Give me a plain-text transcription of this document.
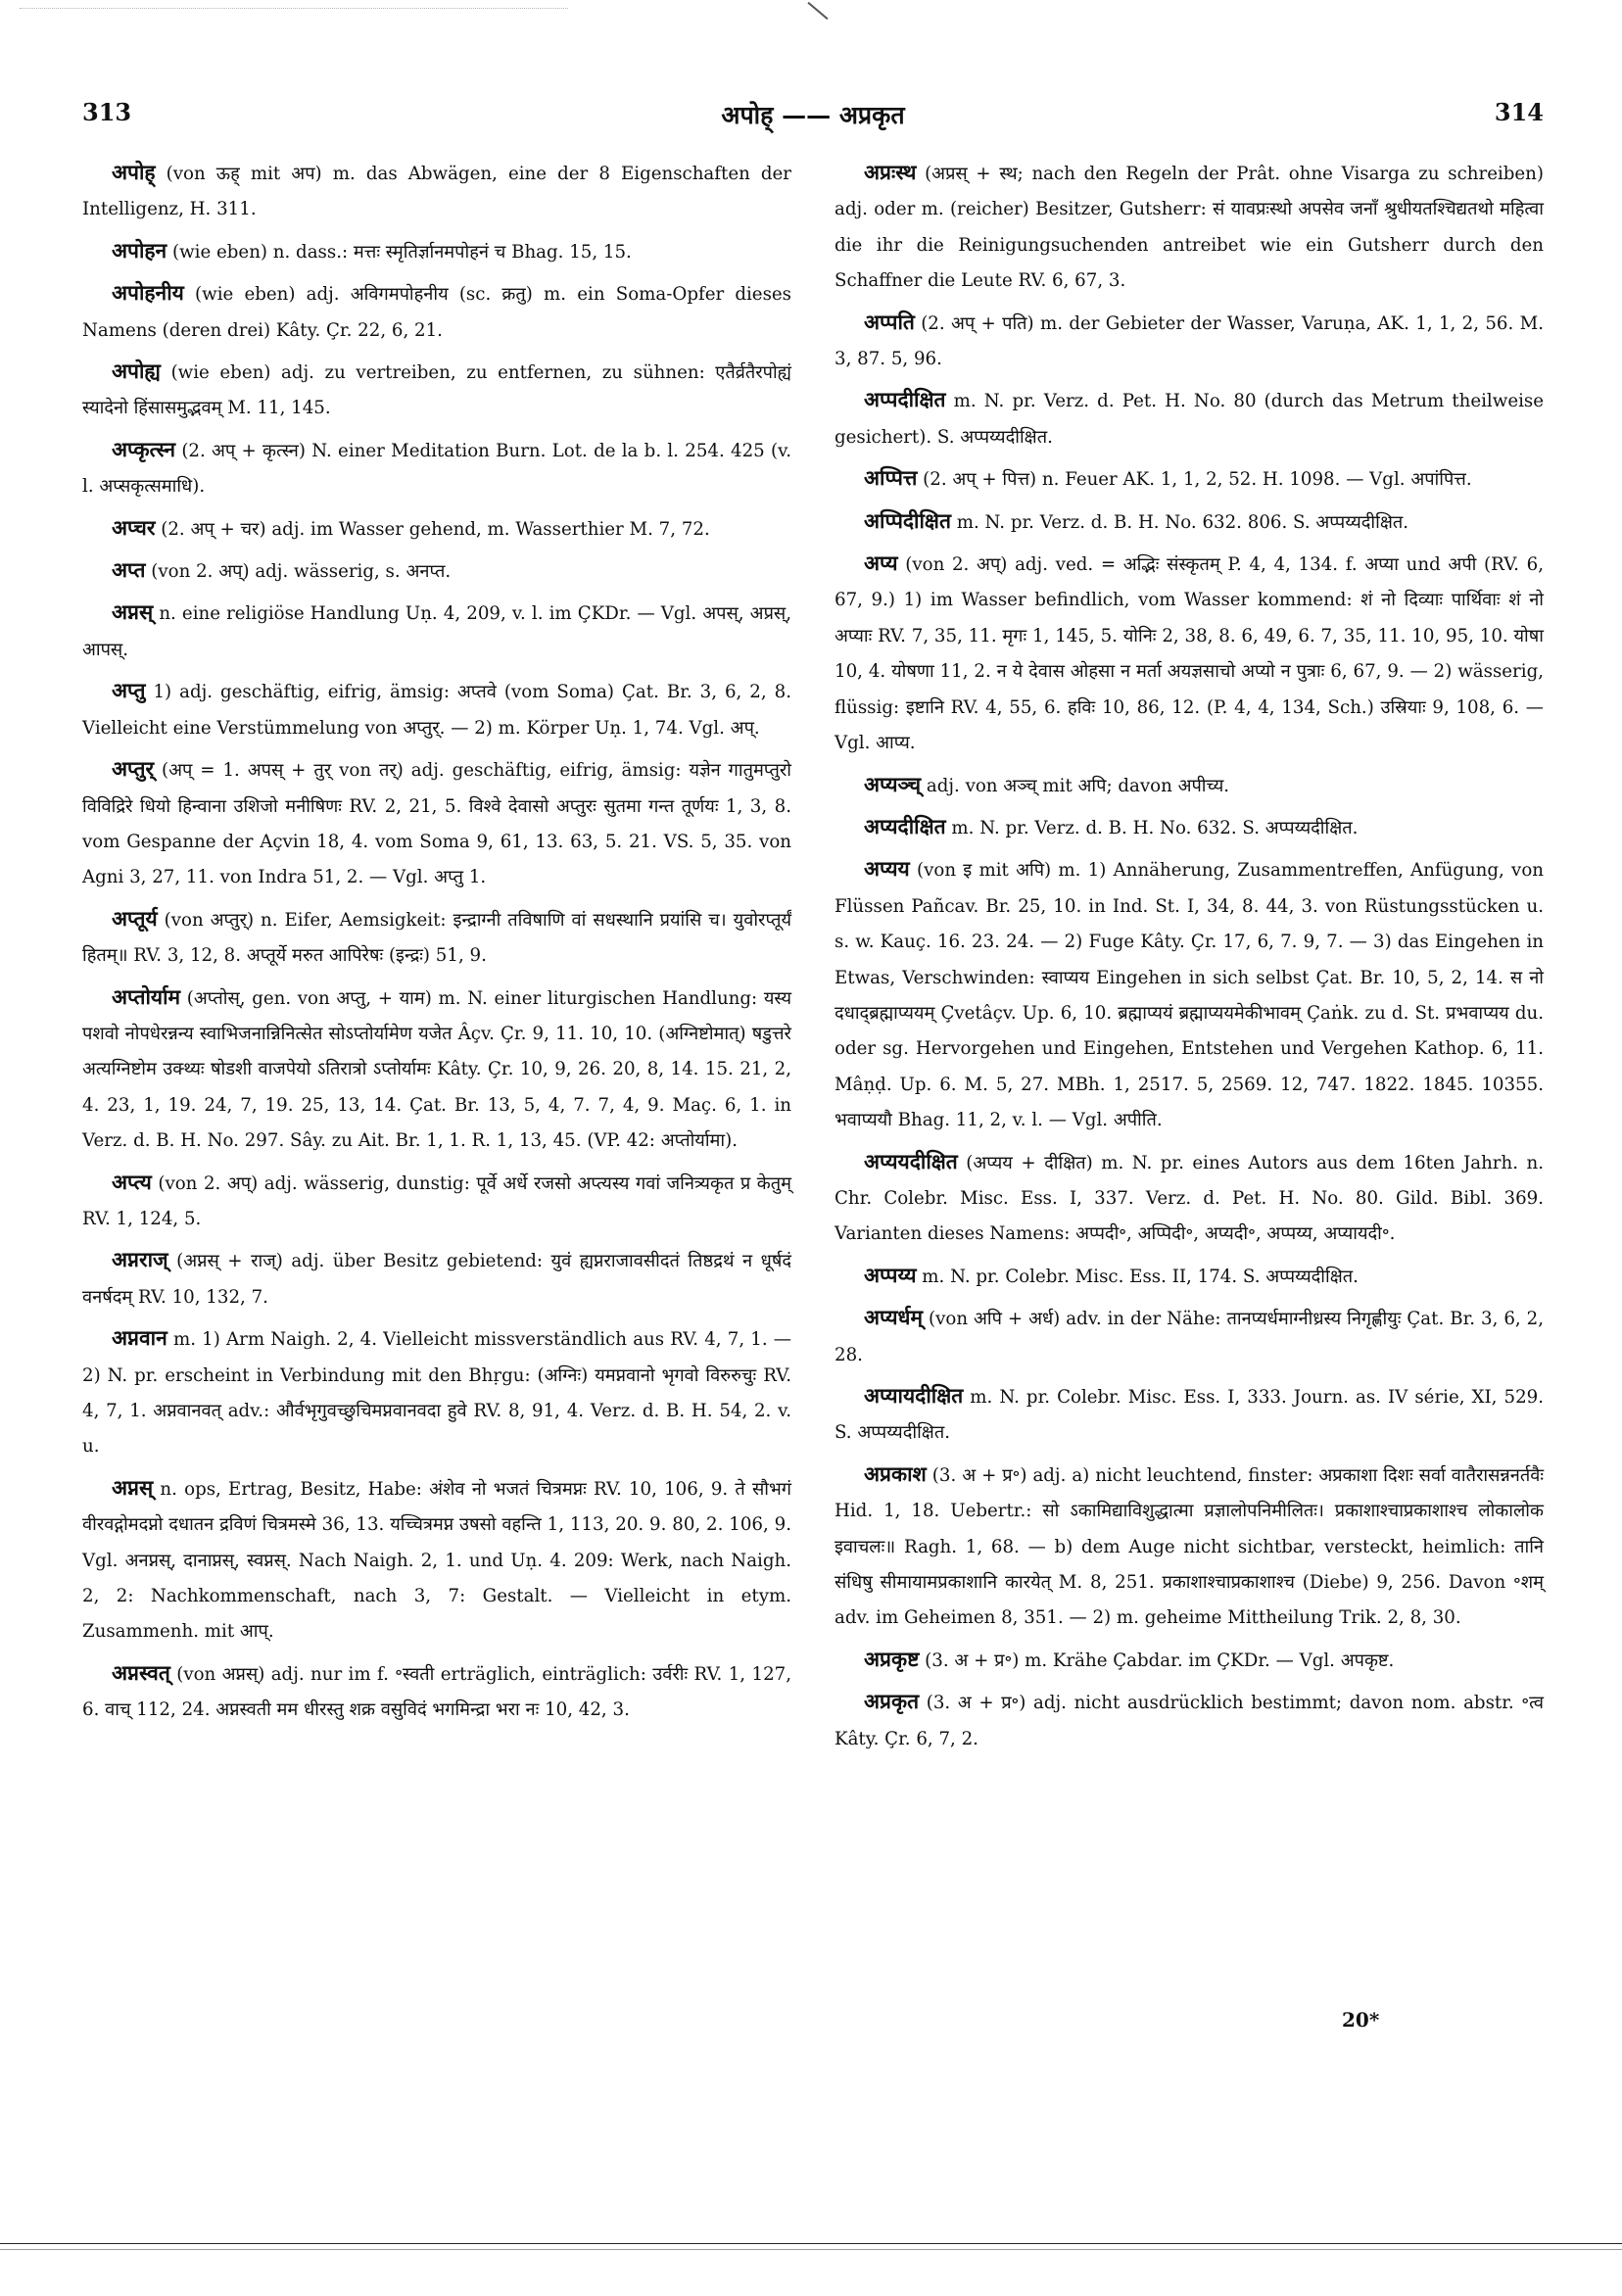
313	अपोह् —— अप्रकृत	314

अपोह् (von ऊह् mit अप) m. das Abwägen, eine der 8 Eigenschaften der Intelligenz, H. 311.

अपोहन (wie eben) n. dass.: मत्तः स्मृतिर्ज्ञानमपोहनं च Bhag. 15, 15.

अपोहनीय (wie eben) adj. अविगमपोहनीय (sc. क्रतु) m. ein Soma-Opfer dieses Namens (deren drei) Kâty. Çr. 22, 6, 21.

अपोह्य (wie eben) adj. zu vertreiben, zu entfernen, zu sühnen: एतैर्व्रतैरपोह्यं स्यादेनो हिंसासमुद्भवम् M. 11, 145.

अप्कृत्स्न (2. अप् + कृत्स्न) N. einer Meditation Burn. Lot. de la b. l. 254. 425 (v. l. अप्सकृत्समाधि).

अप्चर (2. अप् + चर) adj. im Wasser gehend, m. Wasserthier M. 7, 72.

अप्त (von 2. अप्) adj. wässerig, s. अनप्त.

अप्नस् n. eine religiöse Handlung Uṇ. 4, 209, v. l. im ÇKDr. — Vgl. अपस्, अप्रस्, आपस्.

अप्तु 1) adj. geschäftig, eifrig, ämsig: अप्तवे (vom Soma) Çat. Br. 3, 6, 2, 8. Vielleicht eine Verstümmelung von अप्तुर्. — 2) m. Körper Uṇ. 1, 74. Vgl. अप्.

अप्तुर् (अप् = 1. अपस् + तुर् von तर्) adj. geschäftig, eifrig, ämsig: यज्ञेन गातुमप्तुरो विविद्रिरे धियो हिन्वाना उशिजो मनीषिणः RV. 2, 21, 5. विश्वे देवासो अप्तुरः सुतमा गन्त तूर्णयः 1, 3, 8. vom Gespanne der Açvin 18, 4. vom Soma 9, 61, 13. 63, 5. 21. VS. 5, 35. von Agni 3, 27, 11. von Indra 51, 2. — Vgl. अप्तु 1.

अप्तूर्य (von अप्तुर्) n. Eifer, Aemsigkeit: इन्द्राग्नी तविषाणि वां सधस्थानि प्रयांसि च। युवोरप्तूर्यं हितम्॥ RV. 3, 12, 8. अप्तूर्ये मरुत आपिरेषः (इन्द्रः) 51, 9.

अप्तोर्याम (अप्तोस्, gen. von अप्तु, + याम) m. N. einer liturgischen Handlung: यस्य पशवो नोपधेरन्नन्य स्वाभिजनान्निनित्सेत सोऽप्तोर्यामेण यजेत Âçv. Çr. 9, 11. 10, 10. (अग्निष्टोमात्) षडुत्तरे अत्यग्निष्टोम उक्थ्यः षोडशी वाजपेयो ऽतिरात्रो ऽप्तोर्यामः Kâty. Çr. 10, 9, 26. 20, 8, 14. 15. 21, 2, 4. 23, 1, 19. 24, 7, 19. 25, 13, 14. Çat. Br. 13, 5, 4, 7. 7, 4, 9. Maç. 6, 1. in Verz. d. B. H. No. 297. Sây. zu Ait. Br. 1, 1. R. 1, 13, 45. (VP. 42: अप्तोर्यामा).

अप्त्य (von 2. अप्) adj. wässerig, dunstig: पूर्वे अर्धे रजसो अप्त्यस्य गवां जनित्र्यकृत प्र केतुम् RV. 1, 124, 5.

अप्नराज् (अप्नस् + राज्) adj. über Besitz gebietend: युवं ह्यप्नराजावसीदतं तिष्ठद्रथं न धूर्षदं वनर्षदम् RV. 10, 132, 7.

अप्नवान m. 1) Arm Naigh. 2, 4. Vielleicht missverständlich aus RV. 4, 7, 1. — 2) N. pr. erscheint in Verbindung mit den Bhṛgu: (अग्निः) यमप्नवानो भृगवो विरुरुचुः RV. 4, 7, 1. अप्नवानवत् adv.: और्वभृगुवच्छुचिमप्नवानवदा हुवे RV. 8, 91, 4. Verz. d. B. H. 54, 2. v. u.

अप्नस् n. ops, Ertrag, Besitz, Habe: अंशेव नो भजतं चित्रमप्नः RV. 10, 106, 9. ते सौभगं वीरवद्गोमदप्नो दधातन द्रविणं चित्रमस्मे 36, 13. यच्चित्रमप्न उषसो वहन्ति 1, 113, 20. 9. 80, 2. 106, 9. Vgl. अनप्नस्, दानाप्नस्, स्वप्नस्. Nach Naigh. 2, 1. und Uṇ. 4. 209: Werk, nach Naigh. 2, 2: Nachkommenschaft, nach 3, 7: Gestalt. — Vielleicht in etym. Zusammenh. mit आप्.

अप्नस्वत् (von अप्नस्) adj. nur im f. ॰स्वती erträglich, einträglich: उर्वरीः RV. 1, 127, 6. वाच् 112, 24. अप्नस्वती मम धीरस्तु शक्र वसुविदं भगमिन्द्रा भरा नः 10, 42, 3.

अप्रःस्थ (अप्रस् + स्थ; nach den Regeln der Prât. ohne Visarga zu schreiben) adj. oder m. (reicher) Besitzer, Gutsherr: सं यावप्रःस्थो अपसेव जनाँ श्रुधीयतश्चिद्यतथो महित्वा die ihr die Reinigungsuchenden antreibet wie ein Gutsherr durch den Schaffner die Leute RV. 6, 67, 3.

अप्पति (2. अप् + पति) m. der Gebieter der Wasser, Varuṇa, AK. 1, 1, 2, 56. M. 3, 87. 5, 96.

अप्पदीक्षित m. N. pr. Verz. d. Pet. H. No. 80 (durch das Metrum theilweise gesichert). S. अप्पय्यदीक्षित.

अप्पित्त (2. अप् + पित्त) n. Feuer AK. 1, 1, 2, 52. H. 1098. — Vgl. अपांपित्त.

अप्पिदीक्षित m. N. pr. Verz. d. B. H. No. 632. 806. S. अप्पय्यदीक्षित.

अप्य (von 2. अप्) adj. ved. = अद्भिः संस्कृतम् P. 4, 4, 134. f. अप्या und अपी (RV. 6, 67, 9.) 1) im Wasser befindlich, vom Wasser kommend: शं नो दिव्याः पार्थिवाः शं नो अप्याः RV. 7, 35, 11. मृगः 1, 145, 5. योनिः 2, 38, 8. 6, 49, 6. 7, 35, 11. 10, 95, 10. योषा 10, 4. योषणा 11, 2. न ये देवास ओहसा न मर्ता अयज्ञसाचो अप्यो न पुत्राः 6, 67, 9. — 2) wässerig, flüssig: इष्टानि RV. 4, 55, 6. हविः 10, 86, 12. (P. 4, 4, 134, Sch.) उस्रियाः 9, 108, 6. — Vgl. आप्य.

अप्यञ्च् adj. von अञ्च् mit अपि; davon अपीच्य.

अप्यदीक्षित m. N. pr. Verz. d. B. H. No. 632. S. अप्पय्यदीक्षित.

अप्यय (von इ mit अपि) m. 1) Annäherung, Zusammentreffen, Anfügung, von Flüssen Pañcav. Br. 25, 10. in Ind. St. I, 34, 8. 44, 3. von Rüstungsstücken u. s. w. Kauç. 16. 23. 24. — 2) Fuge Kâty. Çr. 17, 6, 7. 9, 7. — 3) das Eingehen in Etwas, Verschwinden: स्वाप्यय Eingehen in sich selbst Çat. Br. 10, 5, 2, 14. स नो दधाद्ब्रह्माप्ययम् Çvetâçv. Up. 6, 10. ब्रह्माप्ययं ब्रह्माप्ययमेकीभावम् Çaṅk. zu d. St. प्रभवाप्यय du. oder sg. Hervorgehen und Eingehen, Entstehen und Vergehen Kathop. 6, 11. Mâṇḍ. Up. 6. M. 5, 27. MBh. 1, 2517. 5, 2569. 12, 747. 1822. 1845. 10355. भवाप्ययौ Bhag. 11, 2, v. l. — Vgl. अपीति.

अप्ययदीक्षित (अप्यय + दीक्षित) m. N. pr. eines Autors aus dem 16ten Jahrh. n. Chr. Colebr. Misc. Ess. I, 337. Verz. d. Pet. H. No. 80. Gild. Bibl. 369. Varianten dieses Namens: अप्पदी॰, अप्पिदी॰, अप्यदी॰, अप्पय्य, अप्यायदी॰.

अप्पय्य m. N. pr. Colebr. Misc. Ess. II, 174. S. अप्पय्यदीक्षित.

अप्यर्धम् (von अपि + अर्ध) adv. in der Nähe: तानप्यर्धमाग्नीध्रस्य निगृह्णीयुः Çat. Br. 3, 6, 2, 28.

अप्यायदीक्षित m. N. pr. Colebr. Misc. Ess. I, 333. Journ. as. IV série, XI, 529. S. अप्पय्यदीक्षित.

अप्रकाश (3. अ + प्र॰) adj. a) nicht leuchtend, finster: अप्रकाशा दिशः सर्वा वातैरासन्ननर्तवैः Hid. 1, 18. Uebertr.: सो ऽकामिद्याविशुद्धात्मा प्रज्ञालोपनिमीलितः। प्रकाशाश्चाप्रकाशाश्च लोकालोक इवाचलः॥ Ragh. 1, 68. — b) dem Auge nicht sichtbar, versteckt, heimlich: तानि संधिषु सीमायामप्रकाशानि कारयेत् M. 8, 251. प्रकाशाश्चाप्रकाशाश्च (Diebe) 9, 256. Davon ॰शम् adv. im Geheimen 8, 351. — 2) m. geheime Mittheilung Trik. 2, 8, 30.

अप्रकृष्ट (3. अ + प्र॰) m. Krähe Çabdar. im ÇKDr. — Vgl. अपकृष्ट.

अप्रकृत (3. अ + प्र॰) adj. nicht ausdrücklich bestimmt; davon nom. abstr. ॰त्व Kâty. Çr. 6, 7, 2.

20*
